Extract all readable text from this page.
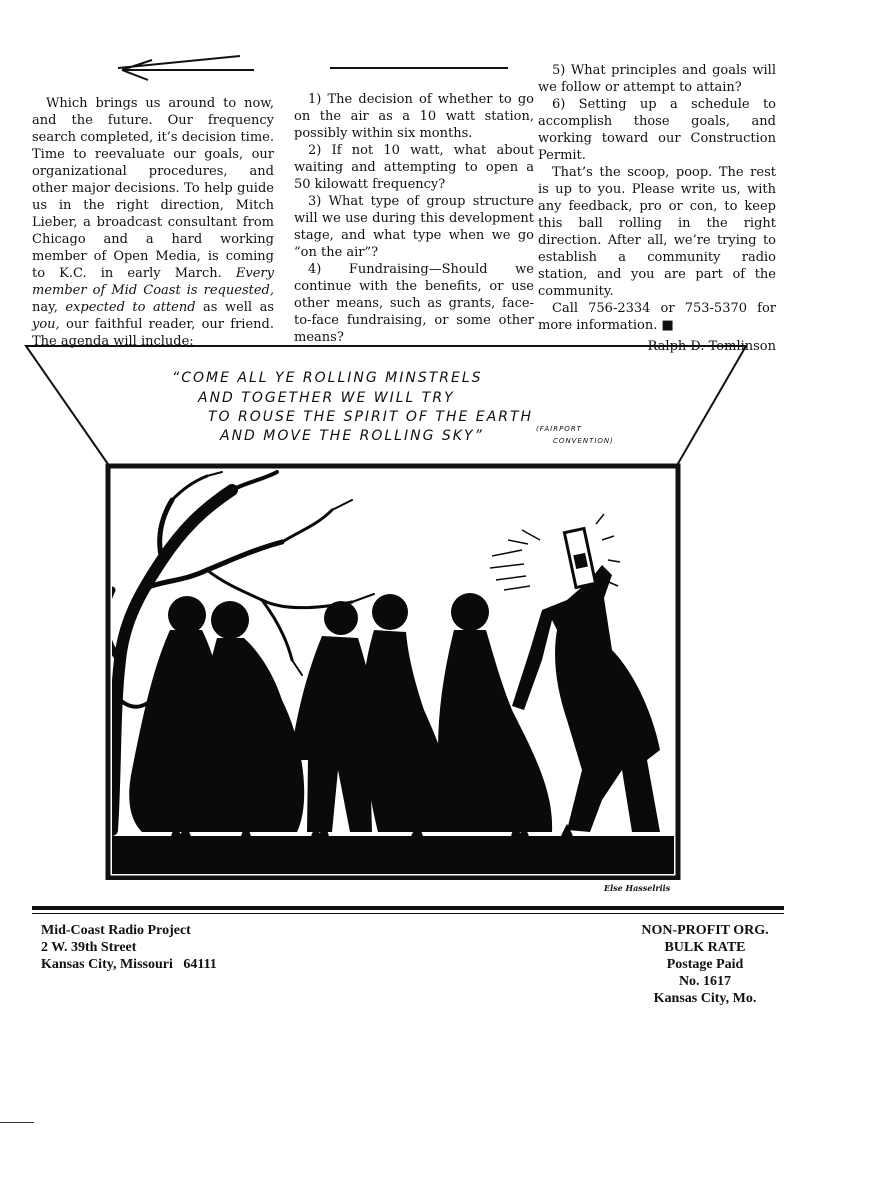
Which brings us around to now, and the future. Our frequency search completed, it’s decision time. Time to reevaluate our goals, our organizational procedures, and other major decisions. To help guide us in the right direction, Mitch Lieber, a broadcast consultant from Chicago and a hard working member of Open Media, is coming to K.C. in early March. Every member of Mid Coast is requested, nay, expected to attend as well as you, our faithful reader, our friend. The agenda will include:

1) The decision of whether to go on the air as a 10 watt station, possibly within six months.

2) If not 10 watt, what about waiting and attempting to open a 50 kilowatt frequency?

3) What type of group structure will we use during this development stage, and what type when we go “on the air”?

4) Fundraising—Should we continue with the benefits, or use other means, such as grants, face-to-face fundraising, or some other means?

5) What principles and goals will we follow or attempt to attain?

6) Setting up a schedule to accomplish those goals, and working toward our Construction Permit.

That’s the scoop, poop. The rest is up to you. Please write us, with any feedback, pro or con, to keep this ball rolling in the right direction. After all, we’re trying to establish a community radio station, and you are part of the community.

Call 756-2334 or 753-5370 for more information. ■

Ralph D. Tomlinson

“COME ALL YE ROLLING MINSTRELS
AND TOGETHER WE WILL TRY
TO ROUSE THE SPIRIT OF THE EARTH
AND MOVE THE ROLLING SKY”	(FAIRPORT
CONVENTION)
Else Hasselriis
Mid-Coast Radio Project
2 W. 39th Street
Kansas City, Missouri   64111
NON-PROFIT ORG.
BULK RATE
Postage Paid
No. 1617
Kansas City, Mo.
